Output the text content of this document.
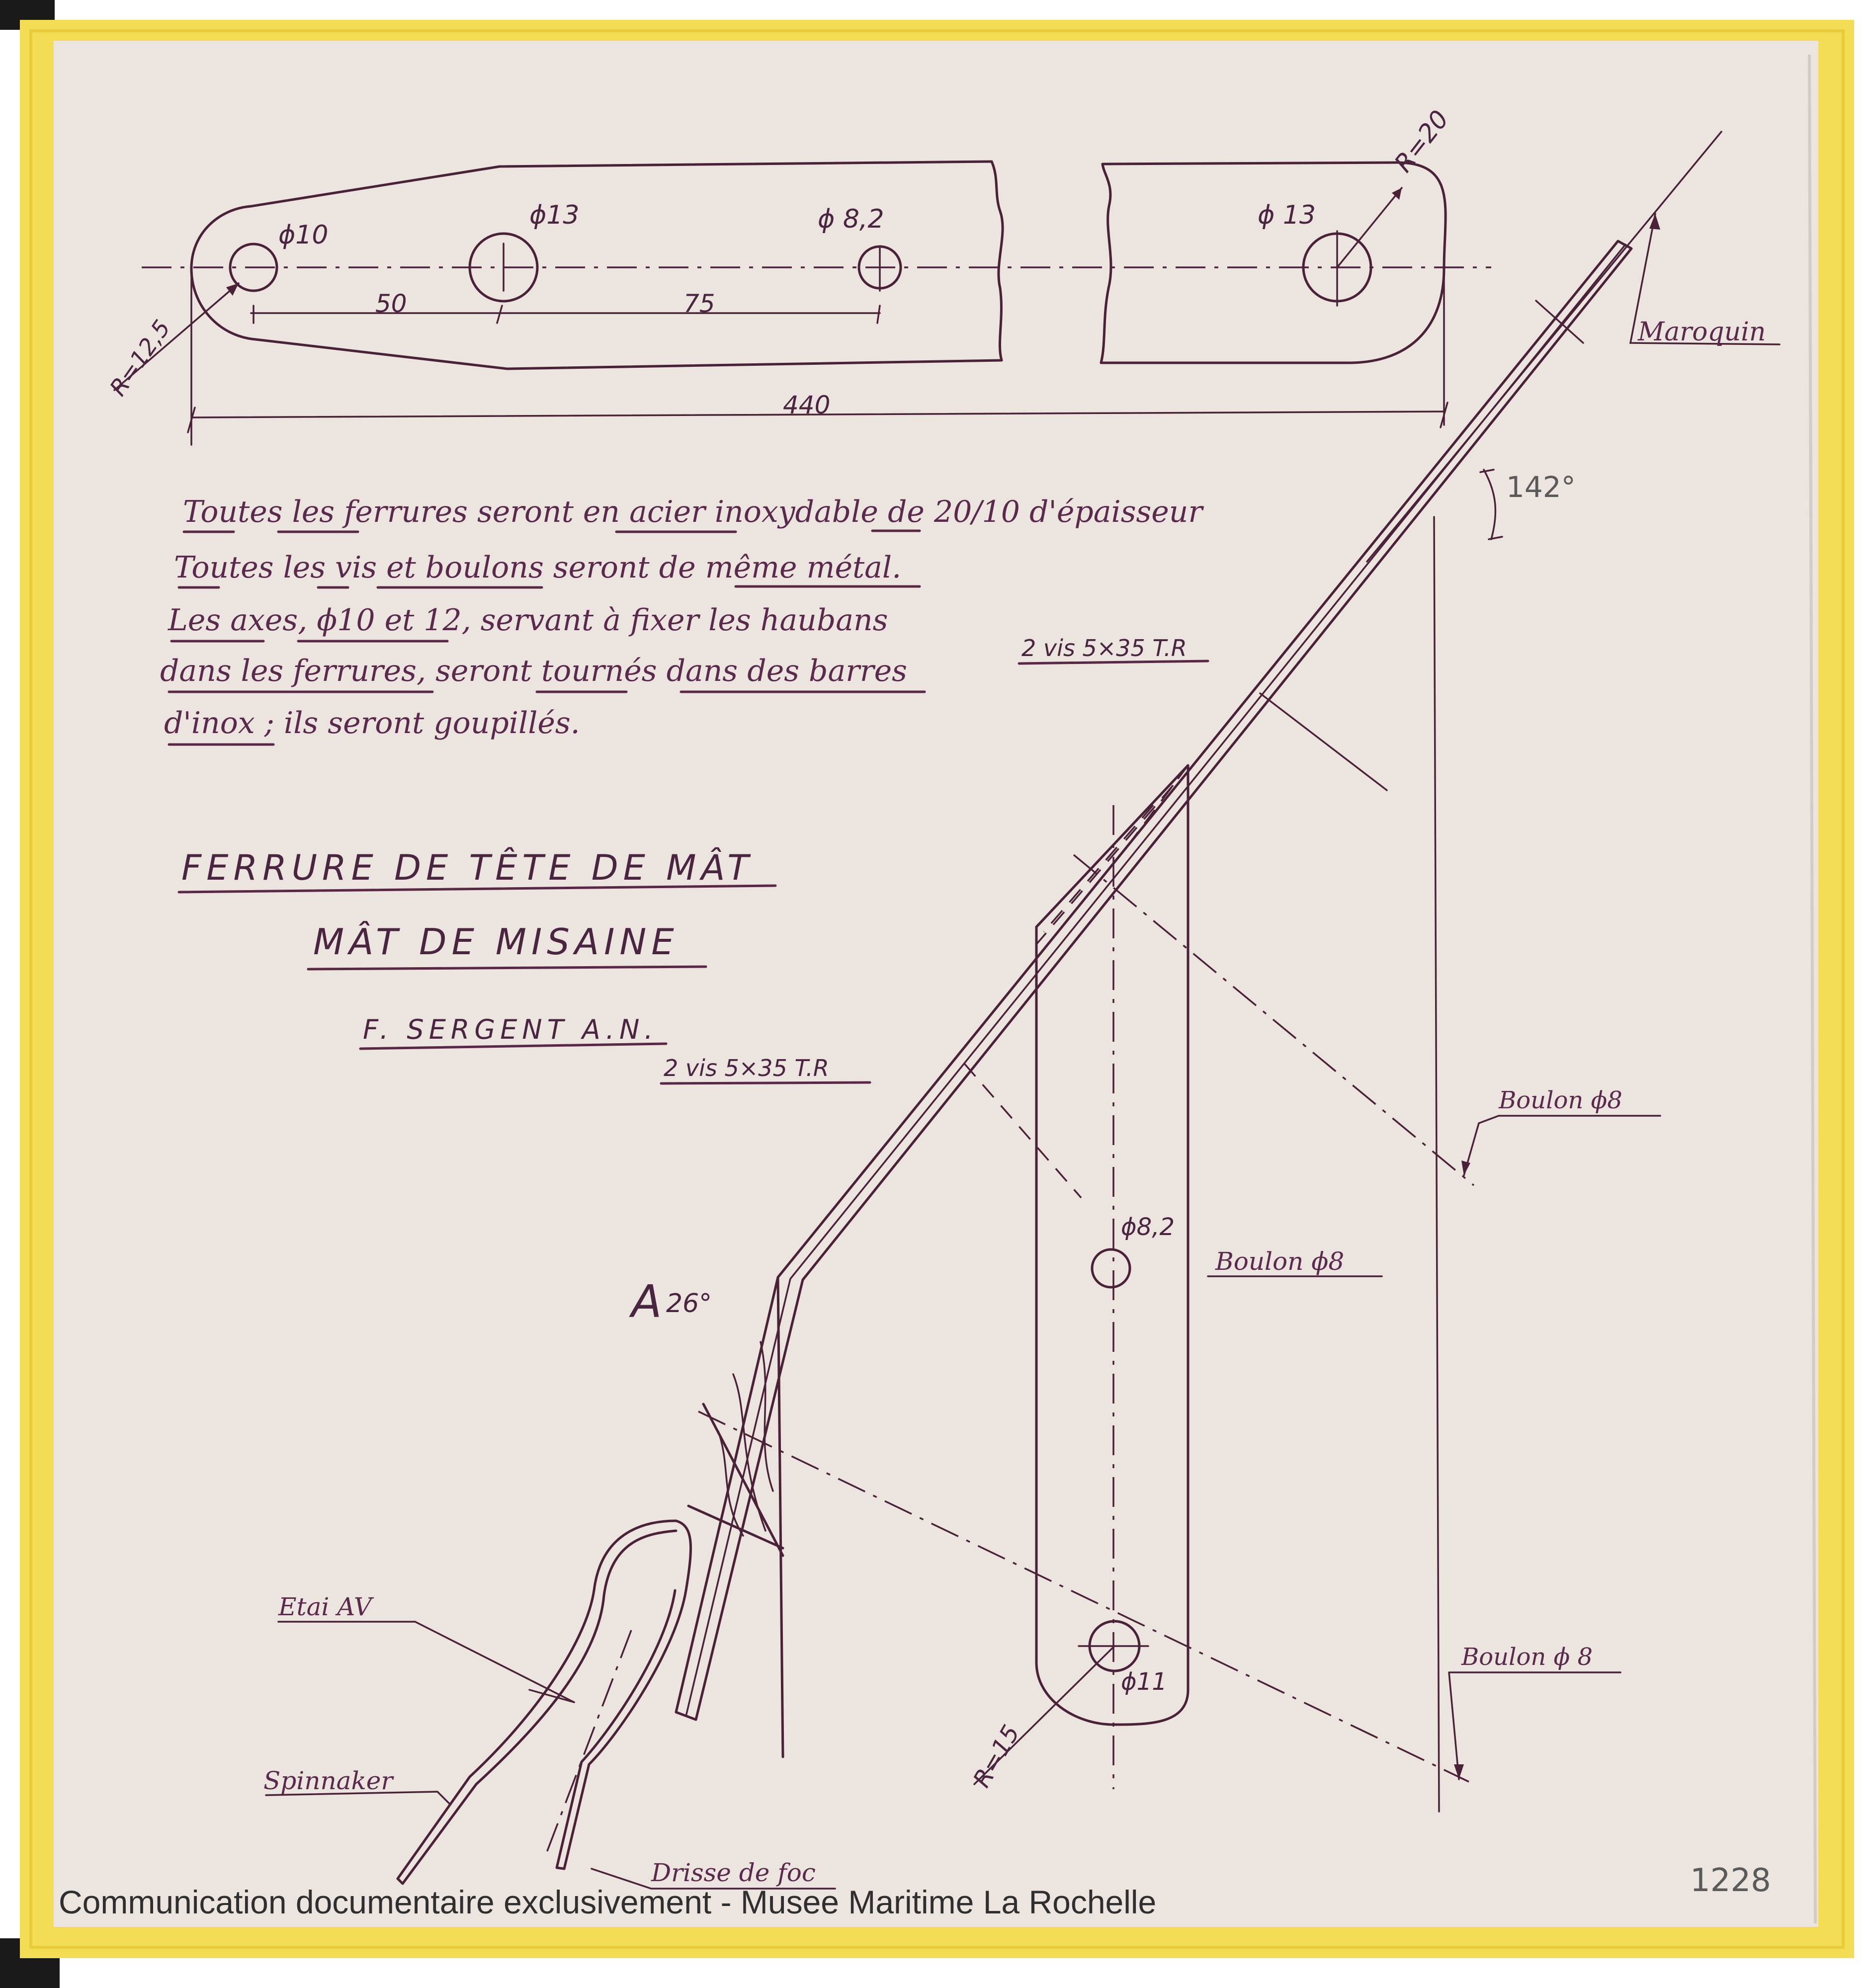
ϕ10
ϕ13	ϕ 8,2	ϕ 13
R=20
R=12,5
50	75
440
Maroquin
142°
Toutes les ferrures seront en acier inoxydable de 20/10 d'épaisseur
Toutes les vis et boulons seront de même métal.
Les axes, ϕ10 et 12, servant à fixer les haubans
dans les ferrures, seront tournés dans des barres
d'inox ; ils seront goupillés.
FERRURE DE TÊTE DE MÂT
MÂT DE MISAINE
F. SERGENT A.N.
2 vis 5×35 T.R
2 vis 5×35 T.R
Boulon ϕ8
Boulon ϕ8
Boulon ϕ 8
ϕ8,2
ϕ11
R=15
A 26°
Etai AV
Spinnaker
Drisse de foc	1228
Communication documentaire exclusivement - Musee Maritime La Rochelle
